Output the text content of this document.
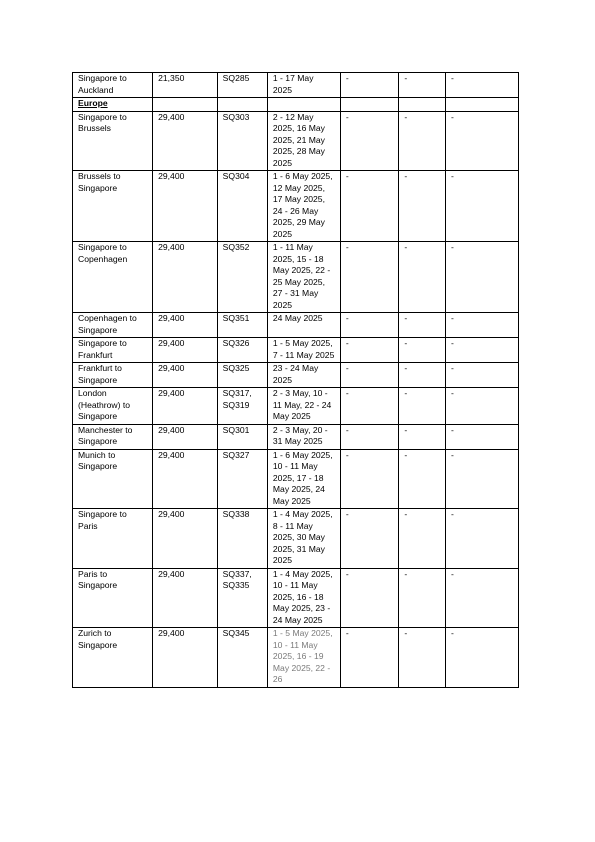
Singapore to Auckland	21,350	SQ285	1 - 17 May 2025	-	-	-
Europe						
Singapore to Brussels	29,400	SQ303	2 - 12 May 2025, 16 May 2025, 21 May 2025, 28 May 2025	-	-	-
Brussels to Singapore	29,400	SQ304	1 - 6 May 2025, 12 May 2025, 17 May 2025, 24 - 26 May 2025, 29 May 2025	-	-	-
Singapore to Copenhagen	29,400	SQ352	1 - 11 May 2025, 15 - 18 May 2025, 22 - 25 May 2025, 27 - 31 May 2025	-	-	-
Copenhagen to Singapore	29,400	SQ351	24 May 2025	-	-	-
Singapore to Frankfurt	29,400	SQ326	1 - 5 May 2025, 7 - 11 May 2025	-	-	-
Frankfurt to Singapore	29,400	SQ325	23 - 24 May 2025	-	-	-
London (Heathrow) to Singapore	29,400	SQ317, SQ319	2 - 3 May, 10 - 11 May, 22 - 24 May 2025	-	-	-
Manchester to Singapore	29,400	SQ301	2 - 3 May, 20 - 31 May 2025	-	-	-
Munich to Singapore	29,400	SQ327	1 - 6 May 2025, 10 - 11 May 2025, 17 - 18 May 2025, 24 May 2025	-	-	-
Singapore to Paris	29,400	SQ338	1 - 4 May 2025, 8 - 11 May 2025, 30 May 2025, 31 May 2025	-	-	-
Paris to Singapore	29,400	SQ337, SQ335	1 - 4 May 2025, 10 - 11 May 2025, 16 - 18 May 2025, 23 - 24 May 2025	-	-	-
Zurich to Singapore	29,400	SQ345	1 - 5 May 2025, 10 - 11 May 2025, 16 - 19 May 2025, 22 - 26	-	-	-
